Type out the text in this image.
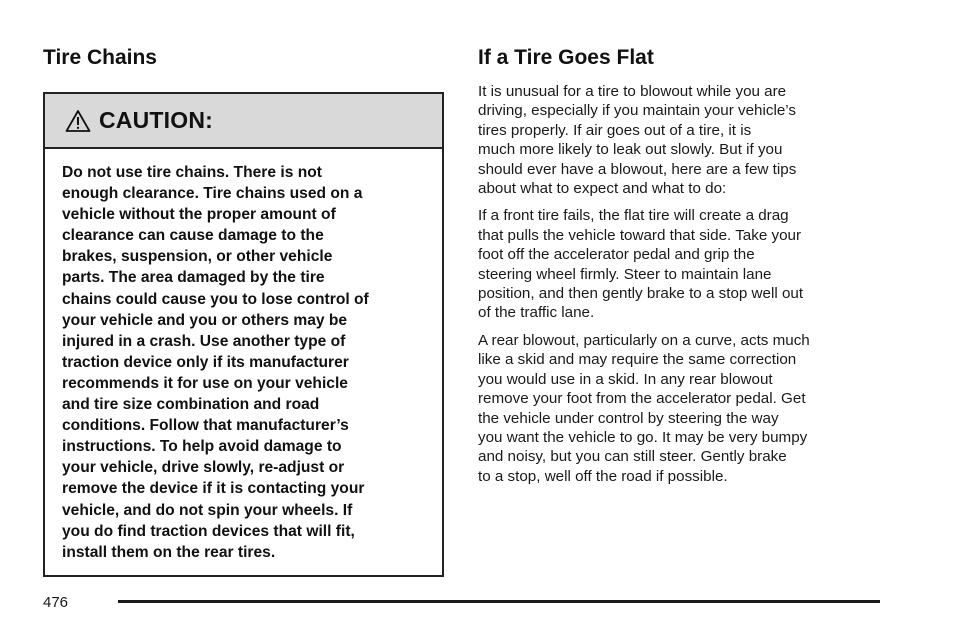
Tire Chains
CAUTION:
Do not use tire chains. There is not
enough clearance. Tire chains used on a
vehicle without the proper amount of
clearance can cause damage to the
brakes, suspension, or other vehicle
parts. The area damaged by the tire
chains could cause you to lose control of
your vehicle and you or others may be
injured in a crash. Use another type of
traction device only if its manufacturer
recommends it for use on your vehicle
and tire size combination and road
conditions. Follow that manufacturer’s
instructions. To help avoid damage to
your vehicle, drive slowly, re-adjust or
remove the device if it is contacting your
vehicle, and do not spin your wheels. If
you do find traction devices that will fit,
install them on the rear tires.
If a Tire Goes Flat

It is unusual for a tire to blowout while you are
driving, especially if you maintain your vehicle’s
tires properly. If air goes out of a tire, it is
much more likely to leak out slowly. But if you
should ever have a blowout, here are a few tips
about what to expect and what to do:

If a front tire fails, the flat tire will create a drag
that pulls the vehicle toward that side. Take your
foot off the accelerator pedal and grip the
steering wheel firmly. Steer to maintain lane
position, and then gently brake to a stop well out
of the traffic lane.

A rear blowout, particularly on a curve, acts much
like a skid and may require the same correction
you would use in a skid. In any rear blowout
remove your foot from the accelerator pedal. Get
the vehicle under control by steering the way
you want the vehicle to go. It may be very bumpy
and noisy, but you can still steer. Gently brake
to a stop, well off the road if possible.

476
